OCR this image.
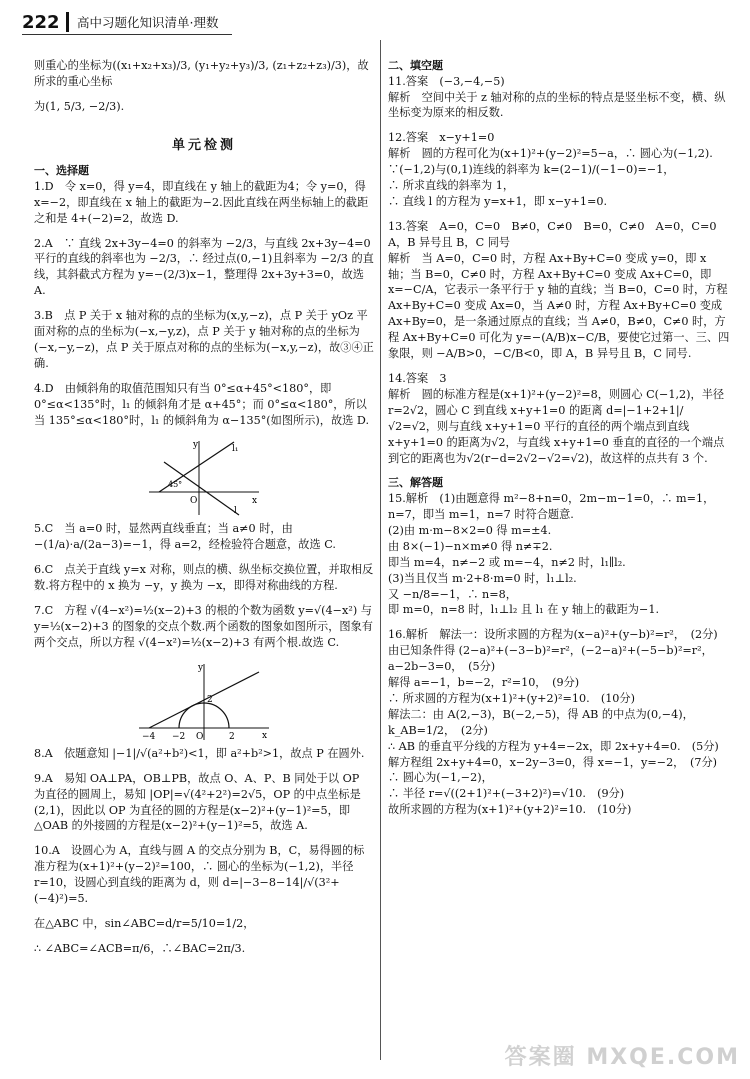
222 高中习题化知识清单·理数

则重心的坐标为((x₁+x₂+x₃)/3, (y₁+y₂+y₃)/3, (z₁+z₂+z₃)/3)，故所求的重心坐标

为(1, 5/3, −2/3).

单元检测
一、选择题

1.D　令 x=0，得 y=4，即直线在 y 轴上的截距为4；令 y=0，得 x=−2，即直线在 x 轴上的截距为−2.因此直线在两坐标轴上的截距之和是 4+(−2)=2，故选 D.

2.A　∵ 直线 2x+3y−4=0 的斜率为 −2/3，与直线 2x+3y−4=0 平行的直线的斜率也为 −2/3，∴ 经过点(0,−1)且斜率为 −2/3 的直线，其斜截式方程为 y=−(2/3)x−1，整理得 2x+3y+3=0，故选 A.

3.B　点 P 关于 x 轴对称的点的坐标为(x,y,−z)，点 P 关于 yOz 平面对称的点的坐标为(−x,−y,z)，点 P 关于 y 轴对称的点的坐标为(−x,−y,−z)，点 P 关于原点对称的点的坐标为(−x,y,−z)，故③④正确.

4.D　由倾斜角的取值范围知只有当 0°≤α+45°<180°，即 0°≤α<135°时，l₁ 的倾斜角才是 α+45°；而 0°≤α<180°，所以当 135°≤α<180°时，l₁ 的倾斜角为 α−135°(如图所示)，故选 D.

y
x
O
l₁
l
45°

5.C　当 a=0 时，显然两直线垂直；当 a≠0 时，由 −(1/a)·a/(2a−3)=−1，得 a=2，经检验符合题意，故选 C.

6.C　点关于直线 y=x 对称，则点的横、纵坐标交换位置，并取相反数.将方程中的 x 换为 −y，y 换为 −x，即得对称曲线的方程.

7.C　方程 √(4−x²)=½(x−2)+3 的根的个数为函数 y=√(4−x²) 与 y=½(x−2)+3 的图象的交点个数.两个函数的图象如图所示，图象有两个交点，所以方程 √(4−x²)=½(x−2)+3 有两个根.故选 C.

y
x
O
−4 −2	2
2

8.A　依题意知 |−1|/√(a²+b²)<1，即 a²+b²>1，故点 P 在圆外.

9.A　易知 OA⊥PA，OB⊥PB，故点 O、A、P、B 同处于以 OP 为直径的圆周上，易知 |OP|=√(4²+2²)=2√5，OP 的中点坐标是(2,1)，因此以 OP 为直径的圆的方程是(x−2)²+(y−1)²=5，即△OAB 的外接圆的方程是(x−2)²+(y−1)²=5，故选 A.

10.A　设圆心为 A，直线与圆 A 的交点分别为 B，C，易得圆的标准方程为(x+1)²+(y−2)²=100，∴ 圆心的坐标为(−1,2)，半径 r=10，设圆心到直线的距离为 d，则 d=|−3−8−14|/√(3²+(−4)²)=5.

在△ABC 中，sin∠ABC=d/r=5/10=1/2，

∴ ∠ABC=∠ACB=π/6，∴∠BAC=2π/3.

二、填空题

11.答案　(−3,−4,−5)

解析　空间中关于 z 轴对称的点的坐标的特点是竖坐标不变，横、纵坐标变为原来的相反数.

12.答案　x−y+1=0

解析　圆的方程可化为(x+1)²+(y−2)²=5−a，∴ 圆心为(−1,2).

∵(−1,2)与(0,1)连线的斜率为 k=(2−1)/(−1−0)=−1，

∴ 所求直线的斜率为 1，

∴ 直线 l 的方程为 y=x+1，即 x−y+1=0.

13.答案　A=0，C=0　B≠0，C≠0　B=0，C≠0　A=0，C=0　A，B 异号且 B，C 同号

解析　当 A=0，C=0 时，方程 Ax+By+C=0 变成 y=0，即 x 轴；当 B=0，C≠0 时，方程 Ax+By+C=0 变成 Ax+C=0，即 x=−C/A，它表示一条平行于 y 轴的直线；当 B=0，C=0 时，方程 Ax+By+C=0 变成 Ax=0，当 A≠0 时，方程 Ax+By+C=0 变成 Ax+By=0，是一条通过原点的直线；当 A≠0，B≠0，C≠0 时，方程 Ax+By+C=0 可化为 y=−(A/B)x−C/B，要使它过第一、三、四象限，则 −A/B>0，−C/B<0，即 A，B 异号且 B，C 同号.

14.答案　3

解析　圆的标准方程是(x+1)²+(y−2)²=8，则圆心 C(−1,2)，半径 r=2√2，圆心 C 到直线 x+y+1=0 的距离 d=|−1+2+1|/√2=√2，则与直线 x+y+1=0 平行的直径的两个端点到直线 x+y+1=0 的距离为√2，与直线 x+y+1=0 垂直的直径的一个端点到它的距离也为√2(r−d=2√2−√2=√2)，故这样的点共有 3 个.

三、解答题

15.解析　(1)由题意得 m²−8+n=0，2m−m−1=0，∴ m=1，n=7，即当 m=1，n=7 时符合题意.

(2)由 m·m−8×2=0 得 m=±4.

由 8×(−1)−n×m≠0 得 n≠∓2.

即当 m=4，n≠−2 或 m=−4，n≠2 时，l₁∥l₂.

(3)当且仅当 m·2+8·m=0 时，l₁⊥l₂.

又 −n/8=−1，∴ n=8，

即 m=0，n=8 时，l₁⊥l₂ 且 l₁ 在 y 轴上的截距为−1.

16.解析　解法一：设所求圆的方程为(x−a)²+(y−b)²=r²，　(2分)

由已知条件得 (2−a)²+(−3−b)²=r²，(−2−a)²+(−5−b)²=r²，a−2b−3=0，　(5分)

解得 a=−1，b=−2，r²=10，　(9分)

∴ 所求圆的方程为(x+1)²+(y+2)²=10.　(10分)

解法二：由 A(2,−3)，B(−2,−5)，得 AB 的中点为(0,−4)，k_AB=1/2，　(2分)

∴ AB 的垂直平分线的方程为 y+4=−2x，即 2x+y+4=0.　(5分)

解方程组 2x+y+4=0，x−2y−3=0，得 x=−1，y=−2，　(7分)

∴ 圆心为(−1,−2)，

∴ 半径 r=√((2+1)²+(−3+2)²)=√10.　(9分)

故所求圆的方程为(x+1)²+(y+2)²=10.　(10分)

答案圈 MXQE.COM
